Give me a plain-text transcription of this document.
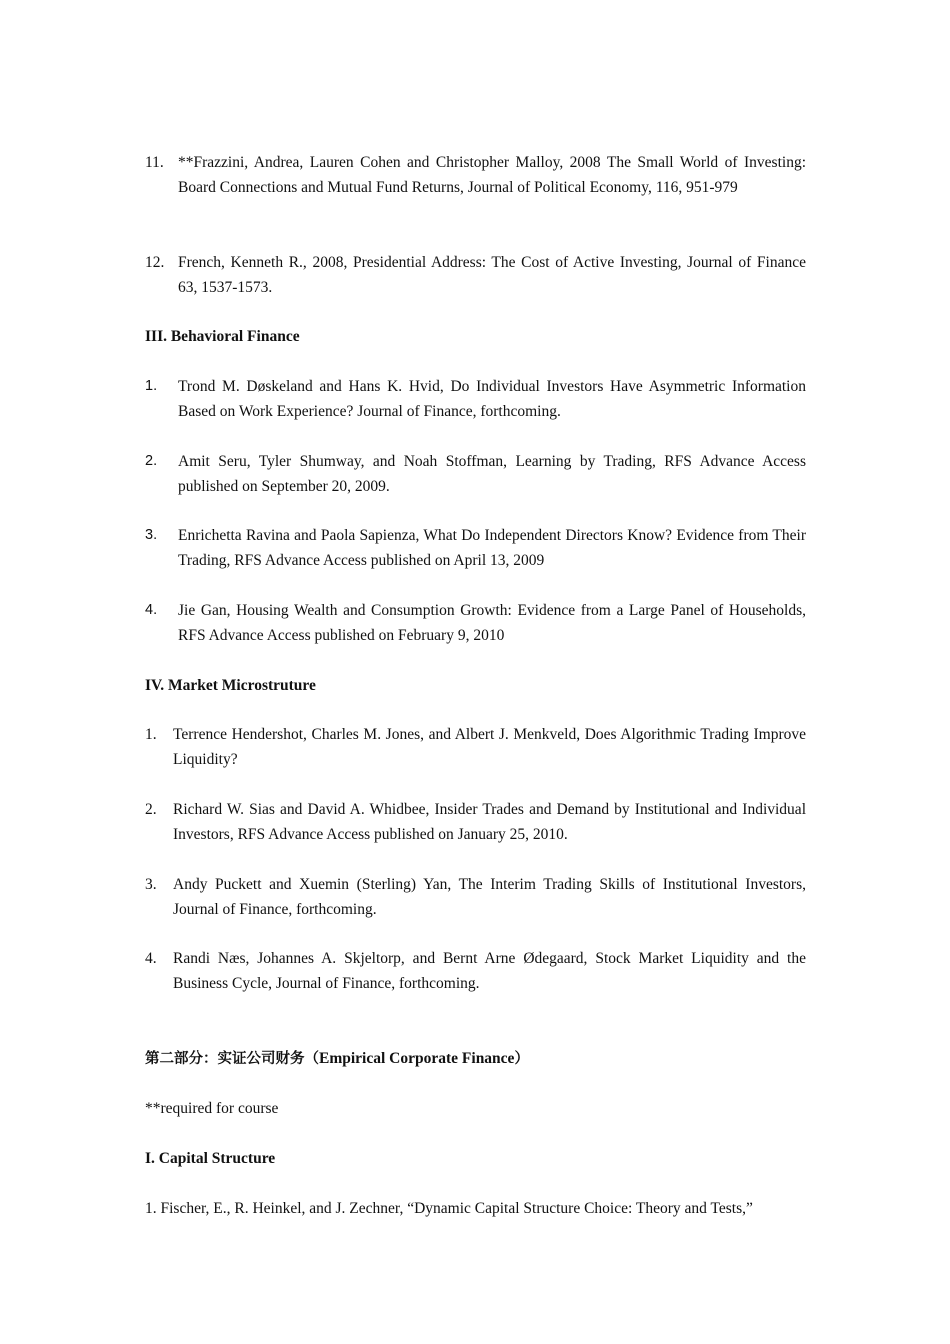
11. **Frazzini, Andrea, Lauren Cohen and Christopher Malloy, 2008 The Small World of Investing: Board Connections and Mutual Fund Returns, Journal of Political Economy, 116, 951-979
12. French, Kenneth R., 2008, Presidential Address: The Cost of Active Investing, Journal of Finance 63, 1537-1573.
III. Behavioral Finance
1. Trond M. Døskeland and Hans K. Hvid, Do Individual Investors Have Asymmetric Information Based on Work Experience? Journal of Finance, forthcoming.
2. Amit Seru, Tyler Shumway, and Noah Stoffman, Learning by Trading, RFS Advance Access published on September 20, 2009.
3. Enrichetta Ravina and Paola Sapienza, What Do Independent Directors Know? Evidence from Their Trading, RFS Advance Access published on April 13, 2009
4. Jie Gan, Housing Wealth and Consumption Growth: Evidence from a Large Panel of Households, RFS Advance Access published on February 9, 2010
IV. Market Microstruture
1. Terrence Hendershot, Charles M. Jones, and Albert J. Menkveld, Does Algorithmic Trading Improve Liquidity?
2. Richard W. Sias and David A. Whidbee, Insider Trades and Demand by Institutional and Individual Investors, RFS Advance Access published on January 25, 2010.
3. Andy Puckett and Xuemin (Sterling) Yan, The Interim Trading Skills of Institutional Investors, Journal of Finance, forthcoming.
4. Randi Næs, Johannes A. Skjeltorp, and Bernt Arne Ødegaard, Stock Market Liquidity and the Business Cycle, Journal of Finance, forthcoming.
第二部分：实证公司财务（Empirical Corporate Finance）
**required for course
I. Capital Structure
1. Fischer, E., R. Heinkel, and J. Zechner, “Dynamic Capital Structure Choice: Theory and Tests,”
